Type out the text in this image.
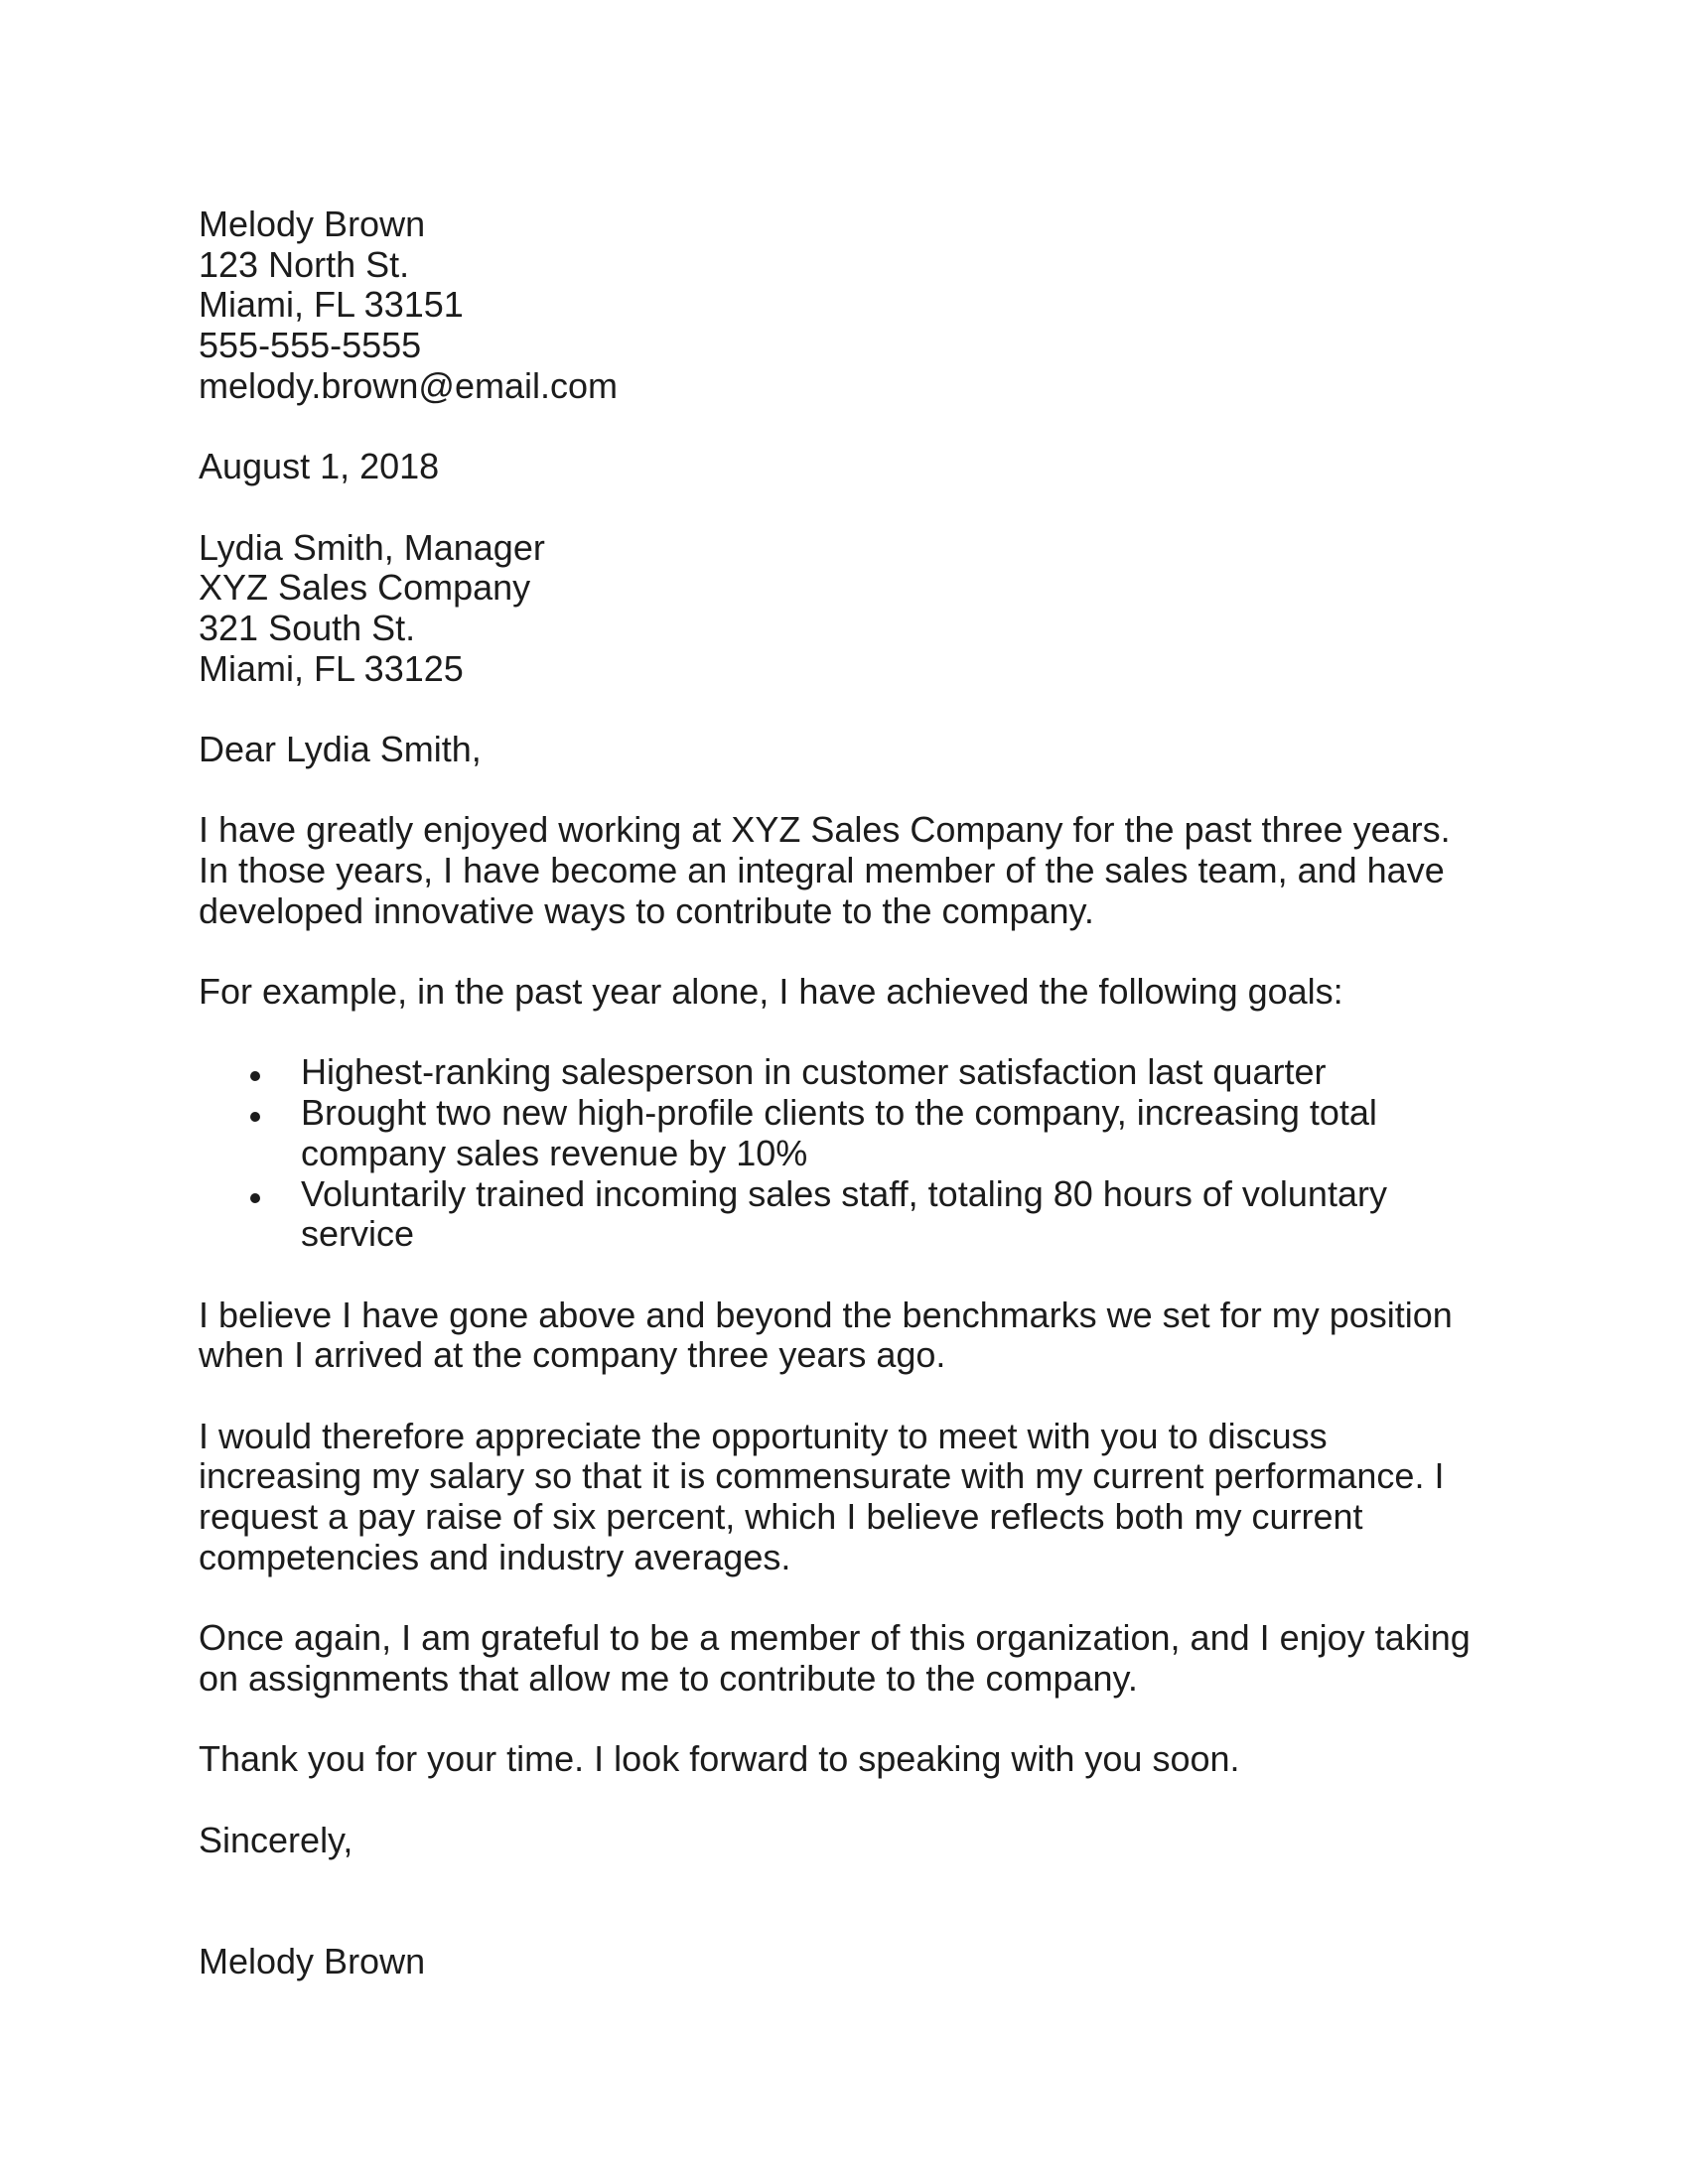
Melody Brown
123 North St.
Miami, FL 33151
555-555-5555
melody.brown@email.com
August 1, 2018
Lydia Smith, Manager
XYZ Sales Company
321 South St.
Miami, FL 33125
Dear Lydia Smith,
I have greatly enjoyed working at XYZ Sales Company for the past three years.
In those years, I have become an integral member of the sales team, and have
developed innovative ways to contribute to the company.
For example, in the past year alone, I have achieved the following goals:
Highest-ranking salesperson in customer satisfaction last quarter
Brought two new high-profile clients to the company, increasing total
company sales revenue by 10%
Voluntarily trained incoming sales staff, totaling 80 hours of voluntary
service
I believe I have gone above and beyond the benchmarks we set for my position
when I arrived at the company three years ago.
I would therefore appreciate the opportunity to meet with you to discuss
increasing my salary so that it is commensurate with my current performance. I
request a pay raise of six percent, which I believe reflects both my current
competencies and industry averages.
Once again, I am grateful to be a member of this organization, and I enjoy taking
on assignments that allow me to contribute to the company.
Thank you for your time. I look forward to speaking with you soon.
Sincerely,
Melody Brown
